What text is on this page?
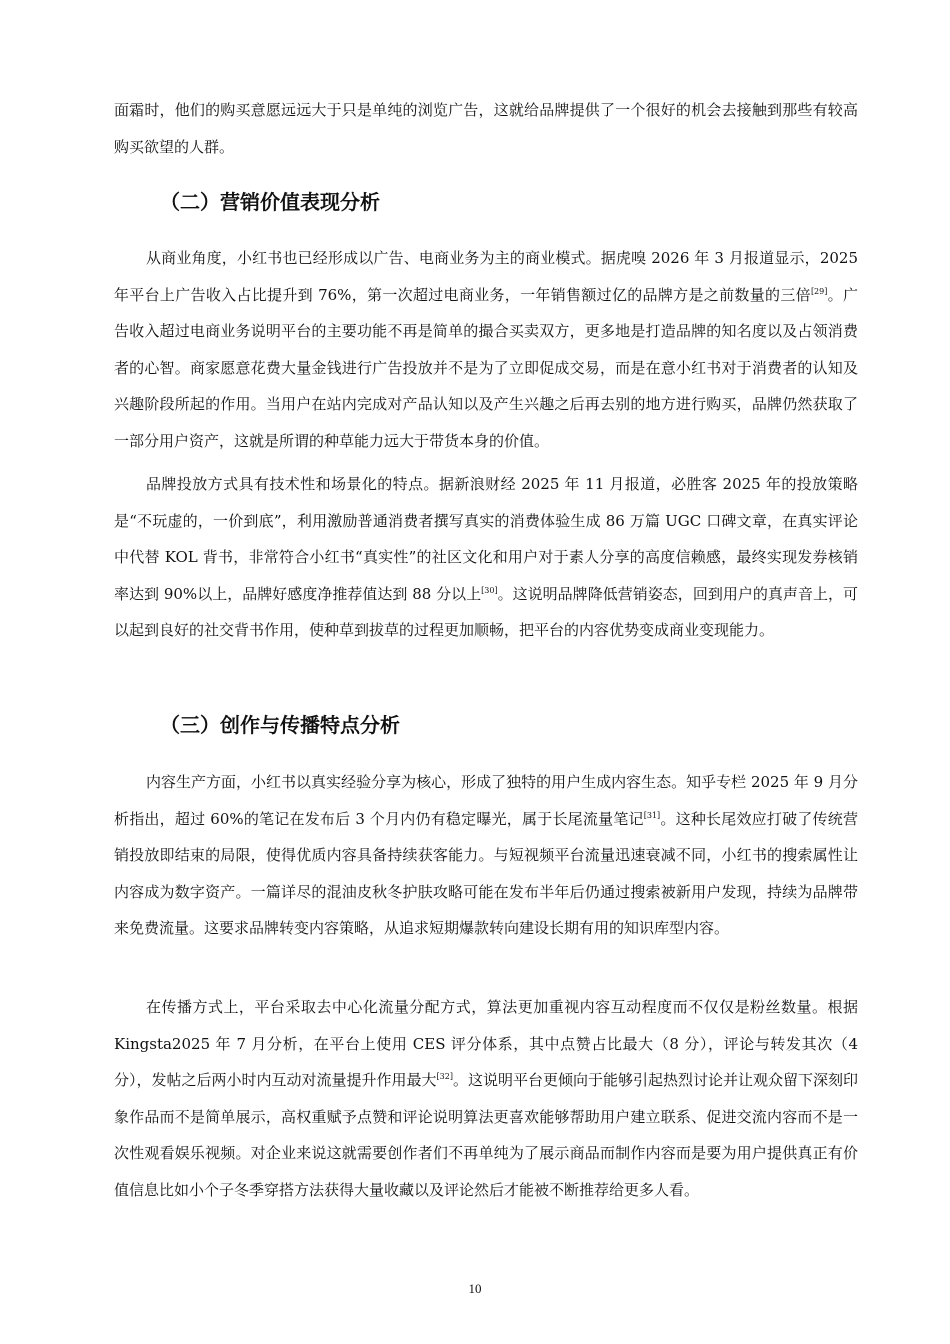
面霜时，他们的购买意愿远远大于只是单纯的浏览广告，这就给品牌提供了一个很好的机会去接触到那些有较高购买欲望的人群。

（二）营销价值表现分析

从商业角度，小红书也已经形成以广告、电商业务为主的商业模式。据虎嗅 2026 年 3 月报道显示，2025 年平台上广告收入占比提升到 76%，第一次超过电商业务，一年销售额过亿的品牌方是之前数量的三倍[29]。广告收入超过电商业务说明平台的主要功能不再是简单的撮合买卖双方，更多地是打造品牌的知名度以及占领消费者的心智。商家愿意花费大量金钱进行广告投放并不是为了立即促成交易，而是在意小红书对于消费者的认知及兴趣阶段所起的作用。当用户在站内完成对产品认知以及产生兴趣之后再去别的地方进行购买，品牌仍然获取了一部分用户资产，这就是所谓的种草能力远大于带货本身的价值。

品牌投放方式具有技术性和场景化的特点。据新浪财经 2025 年 11 月报道，必胜客 2025 年的投放策略是“不玩虚的，一价到底”，利用激励普通消费者撰写真实的消费体验生成 86 万篇 UGC 口碑文章，在真实评论中代替 KOL 背书，非常符合小红书“真实性”的社区文化和用户对于素人分享的高度信赖感，最终实现发券核销率达到 90%以上，品牌好感度净推荐值达到 88 分以上[30]。这说明品牌降低营销姿态，回到用户的真声音上，可以起到良好的社交背书作用，使种草到拔草的过程更加顺畅，把平台的内容优势变成商业变现能力。

（三）创作与传播特点分析

内容生产方面，小红书以真实经验分享为核心，形成了独特的用户生成内容生态。知乎专栏 2025 年 9 月分析指出，超过 60%的笔记在发布后 3 个月内仍有稳定曝光，属于长尾流量笔记[31]。这种长尾效应打破了传统营销投放即结束的局限，使得优质内容具备持续获客能力。与短视频平台流量迅速衰减不同，小红书的搜索属性让内容成为数字资产。一篇详尽的混油皮秋冬护肤攻略可能在发布半年后仍通过搜索被新用户发现，持续为品牌带来免费流量。这要求品牌转变内容策略，从追求短期爆款转向建设长期有用的知识库型内容。

在传播方式上，平台采取去中心化流量分配方式，算法更加重视内容互动程度而不仅仅是粉丝数量。根据 Kingsta2025 年 7 月分析，在平台上使用 CES 评分体系，其中点赞占比最大（8 分），评论与转发其次（4 分），发帖之后两小时内互动对流量提升作用最大[32]。这说明平台更倾向于能够引起热烈讨论并让观众留下深刻印象作品而不是简单展示，高权重赋予点赞和评论说明算法更喜欢能够帮助用户建立联系、促进交流内容而不是一次性观看娱乐视频。对企业来说这就需要创作者们不再单纯为了展示商品而制作内容而是要为用户提供真正有价值信息比如小个子冬季穿搭方法获得大量收藏以及评论然后才能被不断推荐给更多人看。

10
